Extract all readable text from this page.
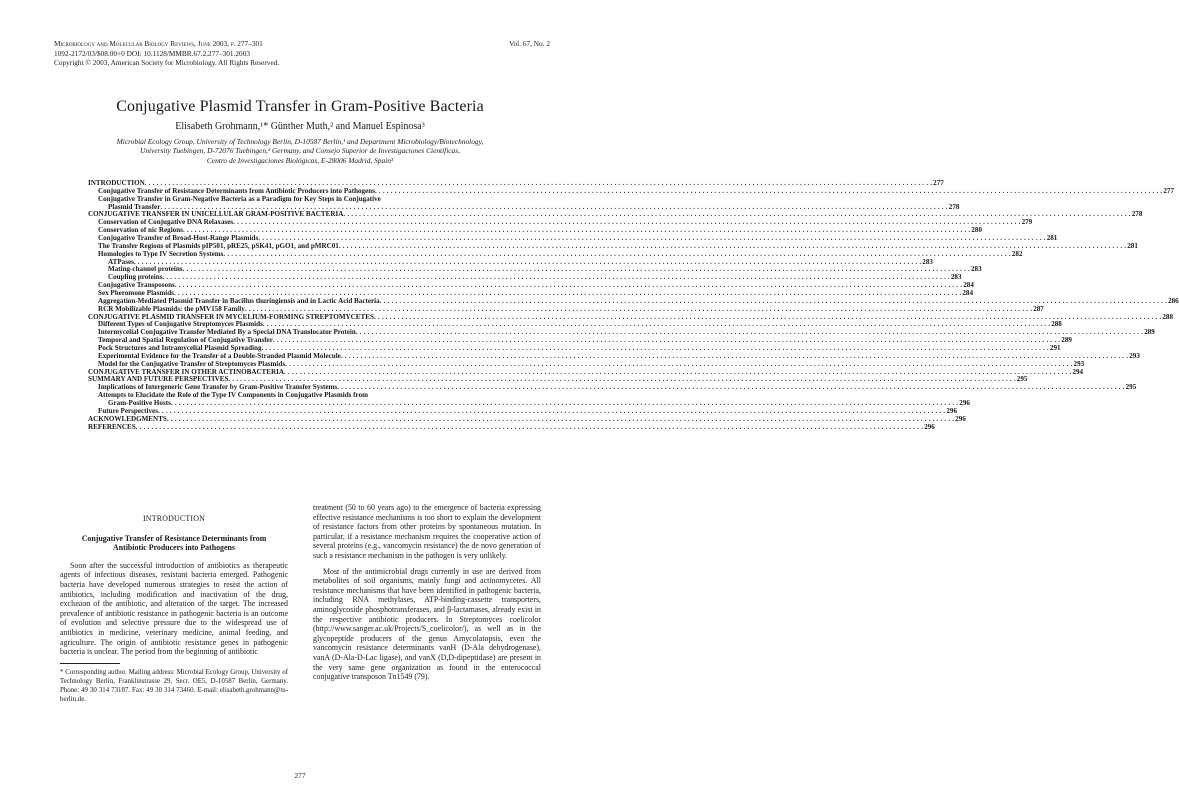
Microbiology and Molecular Biology Reviews, June 2003, p. 277–301
1092-2172/03/$08.00+0 DOI: 10.1128/MMBR.67.2.277–301.2003
Copyright © 2003, American Society for Microbiology. All Rights Reserved.
Vol. 67, No. 2
Conjugative Plasmid Transfer in Gram-Positive Bacteria
Elisabeth Grohmann,¹* Günther Muth,² and Manuel Espinosa³
Microbial Ecology Group, University of Technology Berlin, D-10587 Berlin,¹ and Department Microbiology/Biotechnology,
University Tuebingen, D-72076 Tuebingen,² Germany, and Consejo Superior de Investigaciones Científicas,
Centro de Investigaciones Biológicas, E-28006 Madrid, Spain³
INTRODUCTION . . . . . . . . . . . . . . . . . . . . . . . . . . . . . . . . . . . . . . . . . . . . . . . . . . . . . . . . . . . . . . . . . . . . . . . . . . . . . . . . . . . . . . . . . . . . . . . . . . . . . . . . . . . . . . . . . . . . . . . . . . . . . . . . . . . . . . . . . . . . . . . . . . . . . . . . . . . . . . . . . . . . . . . . . . . . . . . . . . . . . . . . . . . . . . . . . . . . . . . . 277
Conjugative Transfer of Resistance Determinants from Antibiotic Producers into Pathogens . . . . . . . . . . . . . . . . . . . . . . . . . . . . . . . . . . . . . . . . . . . . . . . . . . . . . . . . . . . . . . . . . . . . . . . . . . . . . . . . . . . . . . . . . . . . . . . . . . . . . . . . . . . . . . . . . . . . . . . . . . . . . . . . . . . . . . . . . . . . . . . . . . . . . . . . . . . . . . . . . . . . . . . . . . . . . . . . . . . . . . . . . . . . . . . . . . . . . . . . 277
Conjugative Transfer in Gram-Negative Bacteria as a Paradigm for Key Steps in Conjugative
Plasmid Transfer . . . . . . . . . . . . . . . . . . . . . . . . . . . . . . . . . . . . . . . . . . . . . . . . . . . . . . . . . . . . . . . . . . . . . . . . . . . . . . . . . . . . . . . . . . . . . . . . . . . . . . . . . . . . . . . . . . . . . . . . . . . . . . . . . . . . . . . . . . . . . . . . . . . . . . . . . . . . . . . . . . . . . . . . . . . . . . . . . . . . . . . . . . . . . . . . . . . . . . . . 278
CONJUGATIVE TRANSFER IN UNICELLULAR GRAM-POSITIVE BACTERIA . . . . . . . . . . . . . . . . . . . . . . . . . . . . . . . . . . . . . . . . . . . . . . . . . . . . . . . . . . . . . . . . . . . . . . . . . . . . . . . . . . . . . . . . . . . . . . . . . . . . . . . . . . . . . . . . . . . . . . . . . . . . . . . . . . . . . . . . . . . . . . . . . . . . . . . . . . . . . . . . . . . . . . . . . . . . . . . . . . . . . . . . . . . . . . . . . . . . . . . . 278
Conservation of Conjugative DNA Relaxases . . . . . . . . . . . . . . . . . . . . . . . . . . . . . . . . . . . . . . . . . . . . . . . . . . . . . . . . . . . . . . . . . . . . . . . . . . . . . . . . . . . . . . . . . . . . . . . . . . . . . . . . . . . . . . . . . . . . . . . . . . . . . . . . . . . . . . . . . . . . . . . . . . . . . . . . . . . . . . . . . . . . . . . . . . . . . . . . . . . . . . . . . . . . . . . . . . . . . . . . 279
Conservation of nic Regions . . . . . . . . . . . . . . . . . . . . . . . . . . . . . . . . . . . . . . . . . . . . . . . . . . . . . . . . . . . . . . . . . . . . . . . . . . . . . . . . . . . . . . . . . . . . . . . . . . . . . . . . . . . . . . . . . . . . . . . . . . . . . . . . . . . . . . . . . . . . . . . . . . . . . . . . . . . . . . . . . . . . . . . . . . . . . . . . . . . . . . . . . . . . . . . . . . . . . . . . 280
Conjugative Transfer of Broad-Host-Range Plasmids . . . . . . . . . . . . . . . . . . . . . . . . . . . . . . . . . . . . . . . . . . . . . . . . . . . . . . . . . . . . . . . . . . . . . . . . . . . . . . . . . . . . . . . . . . . . . . . . . . . . . . . . . . . . . . . . . . . . . . . . . . . . . . . . . . . . . . . . . . . . . . . . . . . . . . . . . . . . . . . . . . . . . . . . . . . . . . . . . . . . . . . . . . . . . . . . . . . . . . . . 281
The Transfer Regions of Plasmids pIP501, pRE25, pSK41, pGO1, and pMRC01 . . . . . . . . . . . . . . . . . . . . . . . . . . . . . . . . . . . . . . . . . . . . . . . . . . . . . . . . . . . . . . . . . . . . . . . . . . . . . . . . . . . . . . . . . . . . . . . . . . . . . . . . . . . . . . . . . . . . . . . . . . . . . . . . . . . . . . . . . . . . . . . . . . . . . . . . . . . . . . . . . . . . . . . . . . . . . . . . . . . . . . . . . . . . . . . . . . . . . . . . 281
Homologies to Type IV Secretion Systems . . . . . . . . . . . . . . . . . . . . . . . . . . . . . . . . . . . . . . . . . . . . . . . . . . . . . . . . . . . . . . . . . . . . . . . . . . . . . . . . . . . . . . . . . . . . . . . . . . . . . . . . . . . . . . . . . . . . . . . . . . . . . . . . . . . . . . . . . . . . . . . . . . . . . . . . . . . . . . . . . . . . . . . . . . . . . . . . . . . . . . . . . . . . . . . . . . . . . . . . 282
ATPases . . . . . . . . . . . . . . . . . . . . . . . . . . . . . . . . . . . . . . . . . . . . . . . . . . . . . . . . . . . . . . . . . . . . . . . . . . . . . . . . . . . . . . . . . . . . . . . . . . . . . . . . . . . . . . . . . . . . . . . . . . . . . . . . . . . . . . . . . . . . . . . . . . . . . . . . . . . . . . . . . . . . . . . . . . . . . . . . . . . . . . . . . . . . . . . . . . . . . . . . 283
Mating-channel proteins . . . . . . . . . . . . . . . . . . . . . . . . . . . . . . . . . . . . . . . . . . . . . . . . . . . . . . . . . . . . . . . . . . . . . . . . . . . . . . . . . . . . . . . . . . . . . . . . . . . . . . . . . . . . . . . . . . . . . . . . . . . . . . . . . . . . . . . . . . . . . . . . . . . . . . . . . . . . . . . . . . . . . . . . . . . . . . . . . . . . . . . . . . . . . . . . . . . . . . . . 283
Coupling proteins . . . . . . . . . . . . . . . . . . . . . . . . . . . . . . . . . . . . . . . . . . . . . . . . . . . . . . . . . . . . . . . . . . . . . . . . . . . . . . . . . . . . . . . . . . . . . . . . . . . . . . . . . . . . . . . . . . . . . . . . . . . . . . . . . . . . . . . . . . . . . . . . . . . . . . . . . . . . . . . . . . . . . . . . . . . . . . . . . . . . . . . . . . . . . . . . . . . . . . . . 283
Conjugative Transposons . . . . . . . . . . . . . . . . . . . . . . . . . . . . . . . . . . . . . . . . . . . . . . . . . . . . . . . . . . . . . . . . . . . . . . . . . . . . . . . . . . . . . . . . . . . . . . . . . . . . . . . . . . . . . . . . . . . . . . . . . . . . . . . . . . . . . . . . . . . . . . . . . . . . . . . . . . . . . . . . . . . . . . . . . . . . . . . . . . . . . . . . . . . . . . . . . . . . . . . . 284
Sex Pheromone Plasmids . . . . . . . . . . . . . . . . . . . . . . . . . . . . . . . . . . . . . . . . . . . . . . . . . . . . . . . . . . . . . . . . . . . . . . . . . . . . . . . . . . . . . . . . . . . . . . . . . . . . . . . . . . . . . . . . . . . . . . . . . . . . . . . . . . . . . . . . . . . . . . . . . . . . . . . . . . . . . . . . . . . . . . . . . . . . . . . . . . . . . . . . . . . . . . . . . . . . . . . . 284
Aggregation-Mediated Plasmid Transfer in Bacillus thuringiensis and in Lactic Acid Bacteria . . . . . . . . . . . . . . . . . . . . . . . . . . . . . . . . . . . . . . . . . . . . . . . . . . . . . . . . . . . . . . . . . . . . . . . . . . . . . . . . . . . . . . . . . . . . . . . . . . . . . . . . . . . . . . . . . . . . . . . . . . . . . . . . . . . . . . . . . . . . . . . . . . . . . . . . . . . . . . . . . . . . . . . . . . . . . . . . . . . . . . . . . . . . . . . . . . . . . . . . 286
RCR Mobilizable Plasmids: the pMV158 Family . . . . . . . . . . . . . . . . . . . . . . . . . . . . . . . . . . . . . . . . . . . . . . . . . . . . . . . . . . . . . . . . . . . . . . . . . . . . . . . . . . . . . . . . . . . . . . . . . . . . . . . . . . . . . . . . . . . . . . . . . . . . . . . . . . . . . . . . . . . . . . . . . . . . . . . . . . . . . . . . . . . . . . . . . . . . . . . . . . . . . . . . . . . . . . . . . . . . . . . . 287
CONJUGATIVE PLASMID TRANSFER IN MYCELIUM-FORMING STREPTOMYCETES . . . . . . . . . . . . . . . . . . . . . . . . . . . . . . . . . . . . . . . . . . . . . . . . . . . . . . . . . . . . . . . . . . . . . . . . . . . . . . . . . . . . . . . . . . . . . . . . . . . . . . . . . . . . . . . . . . . . . . . . . . . . . . . . . . . . . . . . . . . . . . . . . . . . . . . . . . . . . . . . . . . . . . . . . . . . . . . . . . . . . . . . . . . . . . . . . . . . . . . . 288
Different Types of Conjugative Streptomyces Plasmids . . . . . . . . . . . . . . . . . . . . . . . . . . . . . . . . . . . . . . . . . . . . . . . . . . . . . . . . . . . . . . . . . . . . . . . . . . . . . . . . . . . . . . . . . . . . . . . . . . . . . . . . . . . . . . . . . . . . . . . . . . . . . . . . . . . . . . . . . . . . . . . . . . . . . . . . . . . . . . . . . . . . . . . . . . . . . . . . . . . . . . . . . . . . . . . . . . . . . . . . 288
Intermycelial Conjugative Transfer Mediated By a Special DNA Translocator Protein . . . . . . . . . . . . . . . . . . . . . . . . . . . . . . . . . . . . . . . . . . . . . . . . . . . . . . . . . . . . . . . . . . . . . . . . . . . . . . . . . . . . . . . . . . . . . . . . . . . . . . . . . . . . . . . . . . . . . . . . . . . . . . . . . . . . . . . . . . . . . . . . . . . . . . . . . . . . . . . . . . . . . . . . . . . . . . . . . . . . . . . . . . . . . . . . . . . . . . . . 289
Temporal and Spatial Regulation of Conjugative Transfer . . . . . . . . . . . . . . . . . . . . . . . . . . . . . . . . . . . . . . . . . . . . . . . . . . . . . . . . . . . . . . . . . . . . . . . . . . . . . . . . . . . . . . . . . . . . . . . . . . . . . . . . . . . . . . . . . . . . . . . . . . . . . . . . . . . . . . . . . . . . . . . . . . . . . . . . . . . . . . . . . . . . . . . . . . . . . . . . . . . . . . . . . . . . . . . . . . . . . . . . 289
Pock Structures and Intramycelial Plasmid Spreading . . . . . . . . . . . . . . . . . . . . . . . . . . . . . . . . . . . . . . . . . . . . . . . . . . . . . . . . . . . . . . . . . . . . . . . . . . . . . . . . . . . . . . . . . . . . . . . . . . . . . . . . . . . . . . . . . . . . . . . . . . . . . . . . . . . . . . . . . . . . . . . . . . . . . . . . . . . . . . . . . . . . . . . . . . . . . . . . . . . . . . . . . . . . . . . . . . . . . . . . 291
Experimental Evidence for the Transfer of a Double-Stranded Plasmid Molecule . . . . . . . . . . . . . . . . . . . . . . . . . . . . . . . . . . . . . . . . . . . . . . . . . . . . . . . . . . . . . . . . . . . . . . . . . . . . . . . . . . . . . . . . . . . . . . . . . . . . . . . . . . . . . . . . . . . . . . . . . . . . . . . . . . . . . . . . . . . . . . . . . . . . . . . . . . . . . . . . . . . . . . . . . . . . . . . . . . . . . . . . . . . . . . . . . . . . . . . . 293
Model for the Conjugative Transfer of Streptomyces Plasmids . . . . . . . . . . . . . . . . . . . . . . . . . . . . . . . . . . . . . . . . . . . . . . . . . . . . . . . . . . . . . . . . . . . . . . . . . . . . . . . . . . . . . . . . . . . . . . . . . . . . . . . . . . . . . . . . . . . . . . . . . . . . . . . . . . . . . . . . . . . . . . . . . . . . . . . . . . . . . . . . . . . . . . . . . . . . . . . . . . . . . . . . . . . . . . . . . . . . . . . . 293
CONJUGATIVE TRANSFER IN OTHER ACTINOBACTERIA . . . . . . . . . . . . . . . . . . . . . . . . . . . . . . . . . . . . . . . . . . . . . . . . . . . . . . . . . . . . . . . . . . . . . . . . . . . . . . . . . . . . . . . . . . . . . . . . . . . . . . . . . . . . . . . . . . . . . . . . . . . . . . . . . . . . . . . . . . . . . . . . . . . . . . . . . . . . . . . . . . . . . . . . . . . . . . . . . . . . . . . . . . . . . . . . . . . . . . . . 294
SUMMARY AND FUTURE PERSPECTIVES . . . . . . . . . . . . . . . . . . . . . . . . . . . . . . . . . . . . . . . . . . . . . . . . . . . . . . . . . . . . . . . . . . . . . . . . . . . . . . . . . . . . . . . . . . . . . . . . . . . . . . . . . . . . . . . . . . . . . . . . . . . . . . . . . . . . . . . . . . . . . . . . . . . . . . . . . . . . . . . . . . . . . . . . . . . . . . . . . . . . . . . . . . . . . . . . . . . . . . . . 295
Implications of Intergeneric Gene Transfer by Gram-Positive Transfer Systems . . . . . . . . . . . . . . . . . . . . . . . . . . . . . . . . . . . . . . . . . . . . . . . . . . . . . . . . . . . . . . . . . . . . . . . . . . . . . . . . . . . . . . . . . . . . . . . . . . . . . . . . . . . . . . . . . . . . . . . . . . . . . . . . . . . . . . . . . . . . . . . . . . . . . . . . . . . . . . . . . . . . . . . . . . . . . . . . . . . . . . . . . . . . . . . . . . . . . . . . 295
Attempts to Elucidate the Role of the Type IV Components in Conjugative Plasmids from
Gram-Positive Hosts . . . . . . . . . . . . . . . . . . . . . . . . . . . . . . . . . . . . . . . . . . . . . . . . . . . . . . . . . . . . . . . . . . . . . . . . . . . . . . . . . . . . . . . . . . . . . . . . . . . . . . . . . . . . . . . . . . . . . . . . . . . . . . . . . . . . . . . . . . . . . . . . . . . . . . . . . . . . . . . . . . . . . . . . . . . . . . . . . . . . . . . . . . . . . . . . . . . . . . . . 296
Future Perspectives . . . . . . . . . . . . . . . . . . . . . . . . . . . . . . . . . . . . . . . . . . . . . . . . . . . . . . . . . . . . . . . . . . . . . . . . . . . . . . . . . . . . . . . . . . . . . . . . . . . . . . . . . . . . . . . . . . . . . . . . . . . . . . . . . . . . . . . . . . . . . . . . . . . . . . . . . . . . . . . . . . . . . . . . . . . . . . . . . . . . . . . . . . . . . . . . . . . . . . . . 296
ACKNOWLEDGMENTS . . . . . . . . . . . . . . . . . . . . . . . . . . . . . . . . . . . . . . . . . . . . . . . . . . . . . . . . . . . . . . . . . . . . . . . . . . . . . . . . . . . . . . . . . . . . . . . . . . . . . . . . . . . . . . . . . . . . . . . . . . . . . . . . . . . . . . . . . . . . . . . . . . . . . . . . . . . . . . . . . . . . . . . . . . . . . . . . . . . . . . . . . . . . . . . . . . . . . . . . 296
REFERENCES . . . . . . . . . . . . . . . . . . . . . . . . . . . . . . . . . . . . . . . . . . . . . . . . . . . . . . . . . . . . . . . . . . . . . . . . . . . . . . . . . . . . . . . . . . . . . . . . . . . . . . . . . . . . . . . . . . . . . . . . . . . . . . . . . . . . . . . . . . . . . . . . . . . . . . . . . . . . . . . . . . . . . . . . . . . . . . . . . . . . . . . . . . . . . . . . . . . . . . . . 296
INTRODUCTION
Conjugative Transfer of Resistance Determinants from
Antibiotic Producers into Pathogens

Soon after the successful introduction of antibiotics as therapeutic agents of infectious diseases, resistant bacteria emerged. Pathogenic bacteria have developed numerous strategies to resist the action of antibiotics, including modification and inactivation of the drug, exclusion of the antibiotic, and alteration of the target. The increased prevalence of antibiotic resistance in pathogenic bacteria is an outcome of evolution and selective pressure due to the widespread use of antibiotics in medicine, veterinary medicine, animal feeding, and agriculture. The origin of antibiotic resistance genes in pathogenic bacteria is unclear. The period from the beginning of antibiotic

treatment (50 to 60 years ago) to the emergence of bacteria expressing effective resistance mechanisms is too short to explain the development of resistance factors from other proteins by spontaneous mutation. In particular, if a resistance mechanism requires the cooperative action of several proteins (e.g., vancomycin resistance) the de novo generation of such a resistance mechanism in the pathogen is very unlikely.

Most of the antimicrobial drugs currently in use are derived from metabolites of soil organisms, mainly fungi and actinomycetes. All resistance mechanisms that have been identified in pathogenic bacteria, including RNA methylases, ATP-binding-cassette transporters, aminoglycoside phosphotransferases, and β-lactamases, already exist in the respective antibiotic producers. In Streptomyces coelicolor (http://www.sanger.ac.uk/Projects/S_coelicolor/), as well as in the glycopeptide producers of the genus Amycolatopsis, even the vancomycin resistance determinants vanH (D-Ala dehydrogenase), vanA (D-Ala-D-Lac ligase), and vanX (D,D-dipeptidase) are present in the very same gene organization as found in the enterococcal conjugative transposon Tn1549 (79).

* Corresponding author. Mailing address: Microbial Ecology Group, University of Technology Berlin, Franklinstrasse 29, Secr. OE5, D-10587 Berlin, Germany. Phone: 49 30 314 73187. Fax: 49 30 314 73460. E-mail: elisabeth.grohmann@tu-berlin.de.
277
